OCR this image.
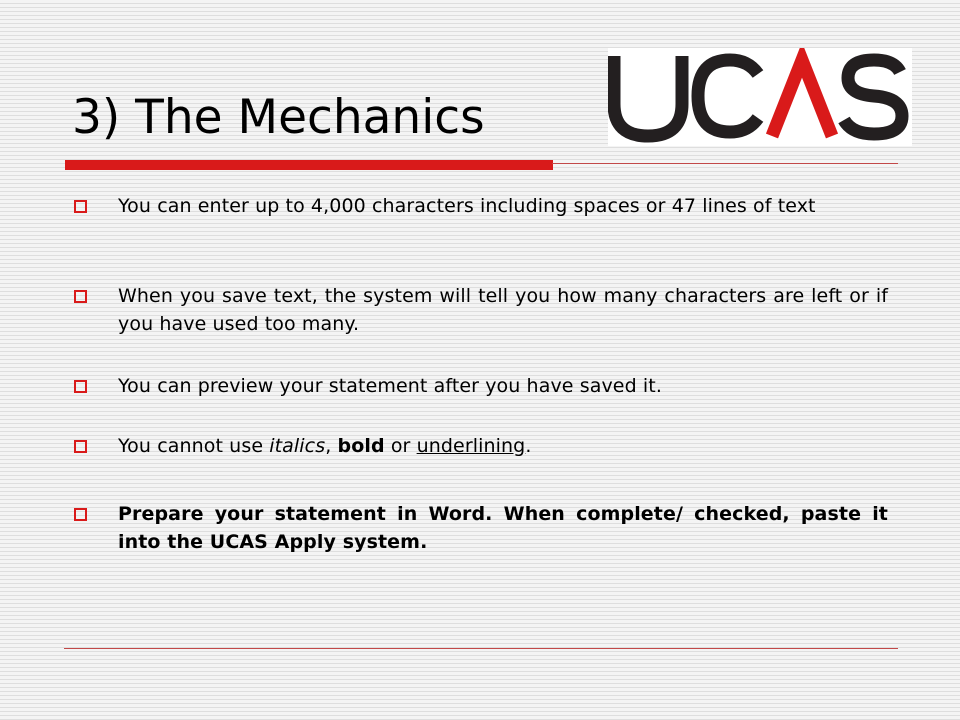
3) The Mechanics
You can enter up to 4,000 characters including spaces or 47 lines of text
When you save text, the system will tell you how many characters are left or if you have used too many.
You can preview your statement after you have saved it.
You cannot use italics, bold or underlining.
Prepare your statement in Word. When complete/ checked, paste it into the UCAS Apply system.
